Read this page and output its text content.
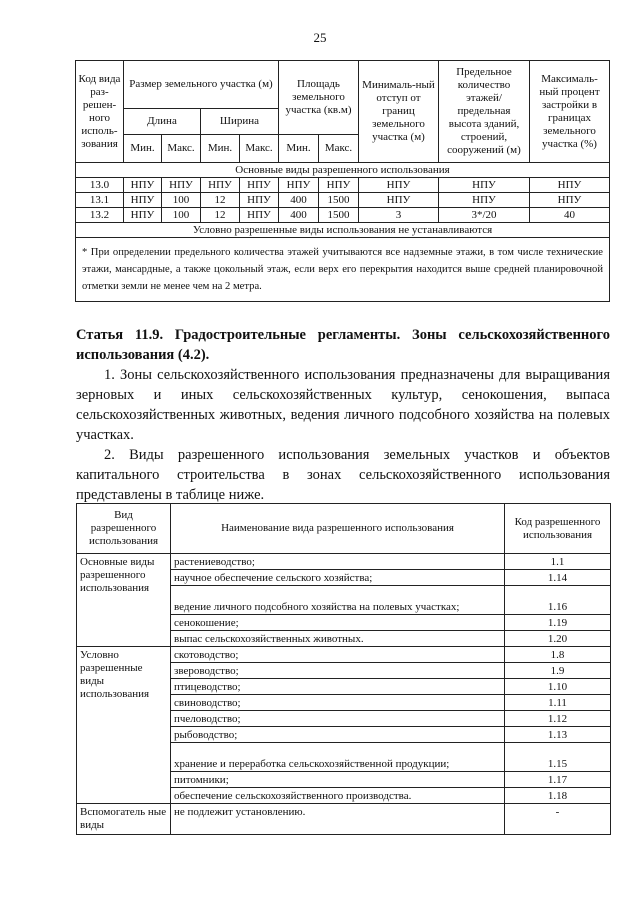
25
Код вида раз-решен-ного исполь-зования	Размер земельного участка (м)				Площадь земельного участка (кв.м)		Минималь-ный отступ от границ земельного участка (м)	Предельное количество этажей/ предельная высота зданий, строений, сооружений (м)	Максималь-ный процент застройки в границах земельного участка (%)
	Длина		Ширина						
	Мин.	Макс.	Мин.	Макс.	Мин.	Макс.			
Основные виды разрешенного использования									
13.0	НПУ	НПУ	НПУ	НПУ	НПУ	НПУ	НПУ	НПУ	НПУ
13.1	НПУ	100	12	НПУ	400	1500	НПУ	НПУ	НПУ
13.2	НПУ	100	12	НПУ	400	1500	3	3*/20	40
Условно разрешенные виды использования не устанавливаются									
* При определении предельного количества этажей учитываются все надземные этажи, в том числе технические этажи, мансардные, а также цокольный этаж, если верх его перекрытия находится выше средней планировочной отметки земли не менее чем на 2 метра.									

Статья 11.9. Градостроительные регламенты. Зоны сельскохозяйственного использования (4.2).

1. Зоны сельскохозяйственного использования предназначены для выращивания зерновых и иных сельскохозяйственных культур, сенокошения, выпаса сельскохозяйственных животных, ведения личного подсобного хозяйства на полевых участках.

2. Виды разрешенного использования земельных участков и объектов капитального строительства в зонах сельскохозяйственного использования представлены в таблице ниже.

Вид разрешенного использования	Наименование вида разрешенного использования	Код разрешенного использования
Основные виды разрешенного использования	растениеводство;	1.1
	научное обеспечение сельского хозяйства;	1.14
	ведение личного подсобного хозяйства на полевых участках;	1.16
	сенокошение;	1.19
	выпас сельскохозяйственных животных.	1.20
Условно разрешенные виды использования	скотоводство;	1.8
	звероводство;	1.9
	птицеводство;	1.10
	свиноводство;	1.11
	пчеловодство;	1.12
	рыбоводство;	1.13
	хранение и переработка сельскохозяйственной продукции;	1.15
	питомники;	1.17
	обеспечение сельскохозяйственного производства.	1.18
Вспомогатель ные виды	не подлежит установлению.	-
